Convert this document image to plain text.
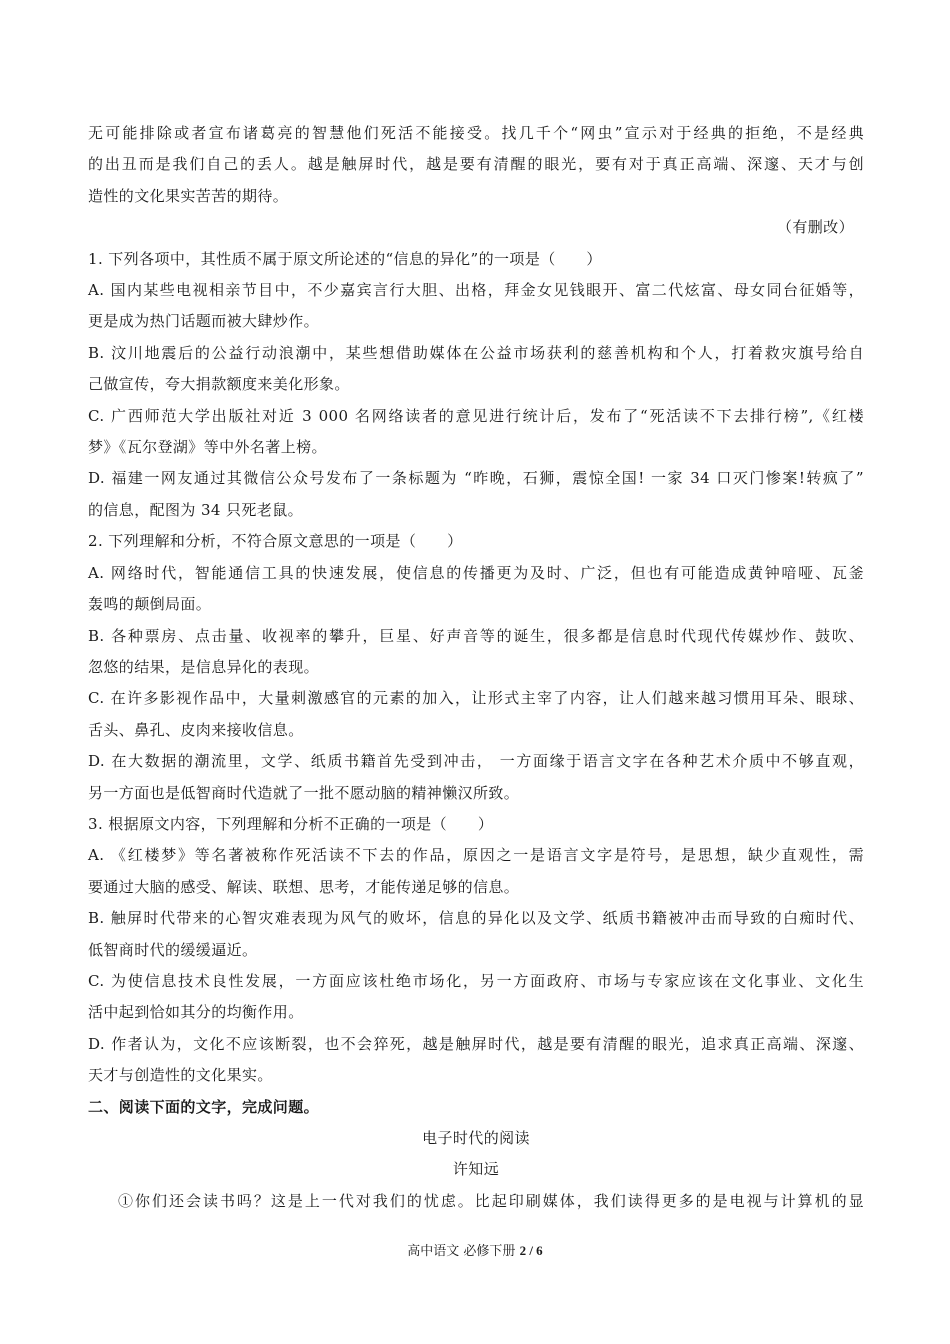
无可能排除或者宣布诸葛亮的智慧他们死活不能接受。找几千个“网虫”宣示对于经典的拒绝，不是经典
的出丑而是我们自己的丢人。越是触屏时代，越是要有清醒的眼光，要有对于真正高端、深邃、天才与创
造性的文化果实苦苦的期待。
（有删改）
1. 下列各项中，其性质不属于原文所论述的“信息的异化”的一项是（　　）
A. 国内某些电视相亲节目中，不少嘉宾言行大胆、出格，拜金女见钱眼开、富二代炫富、母女同台征婚等，
更是成为热门话题而被大肆炒作。
B. 汶川地震后的公益行动浪潮中，某些想借助媒体在公益市场获利的慈善机构和个人，打着救灾旗号给自
己做宣传，夸大捐款额度来美化形象。
C. 广西师范大学出版社对近 3 000 名网络读者的意见进行统计后，发布了“死活读不下去排行榜”,《红楼
梦》《瓦尔登湖》等中外名著上榜。
D. 福建一网友通过其微信公众号发布了一条标题为 “昨晚，石狮，震惊全国! 一家 34 口灭门惨案!转疯了”
的信息，配图为 34 只死老鼠。
2. 下列理解和分析，不符合原文意思的一项是（　　）
A. 网络时代，智能通信工具的快速发展，使信息的传播更为及时、广泛，但也有可能造成黄钟喑哑、瓦釜
轰鸣的颠倒局面。
B. 各种票房、点击量、收视率的攀升，巨星、好声音等的诞生，很多都是信息时代现代传媒炒作、鼓吹、
忽悠的结果，是信息异化的表现。
C. 在许多影视作品中，大量刺激感官的元素的加入，让形式主宰了内容，让人们越来越习惯用耳朵、眼球、
舌头、鼻孔、皮肉来接收信息。
D. 在大数据的潮流里，文学、纸质书籍首先受到冲击， 一方面缘于语言文字在各种艺术介质中不够直观，
另一方面也是低智商时代造就了一批不愿动脑的精神懒汉所致。
3. 根据原文内容，下列理解和分析不正确的一项是（　　）
A. 《红楼梦》等名著被称作死活读不下去的作品，原因之一是语言文字是符号，是思想，缺少直观性，需
要通过大脑的感受、解读、联想、思考，才能传递足够的信息。
B. 触屏时代带来的心智灾难表现为风气的败坏，信息的异化以及文学、纸质书籍被冲击而导致的白痴时代、
低智商时代的缓缓逼近。
C. 为使信息技术良性发展，一方面应该杜绝市场化，另一方面政府、市场与专家应该在文化事业、文化生
活中起到恰如其分的均衡作用。
D. 作者认为，文化不应该断裂，也不会猝死，越是触屏时代，越是要有清醒的眼光，追求真正高端、深邃、
天才与创造性的文化果实。
二、阅读下面的文字，完成问题。
电子时代的阅读
许知远
①你们还会读书吗？这是上一代对我们的忧虑。比起印刷媒体，我们读得更多的是电视与计算机的显
高中语文 必修下册 2 / 6
